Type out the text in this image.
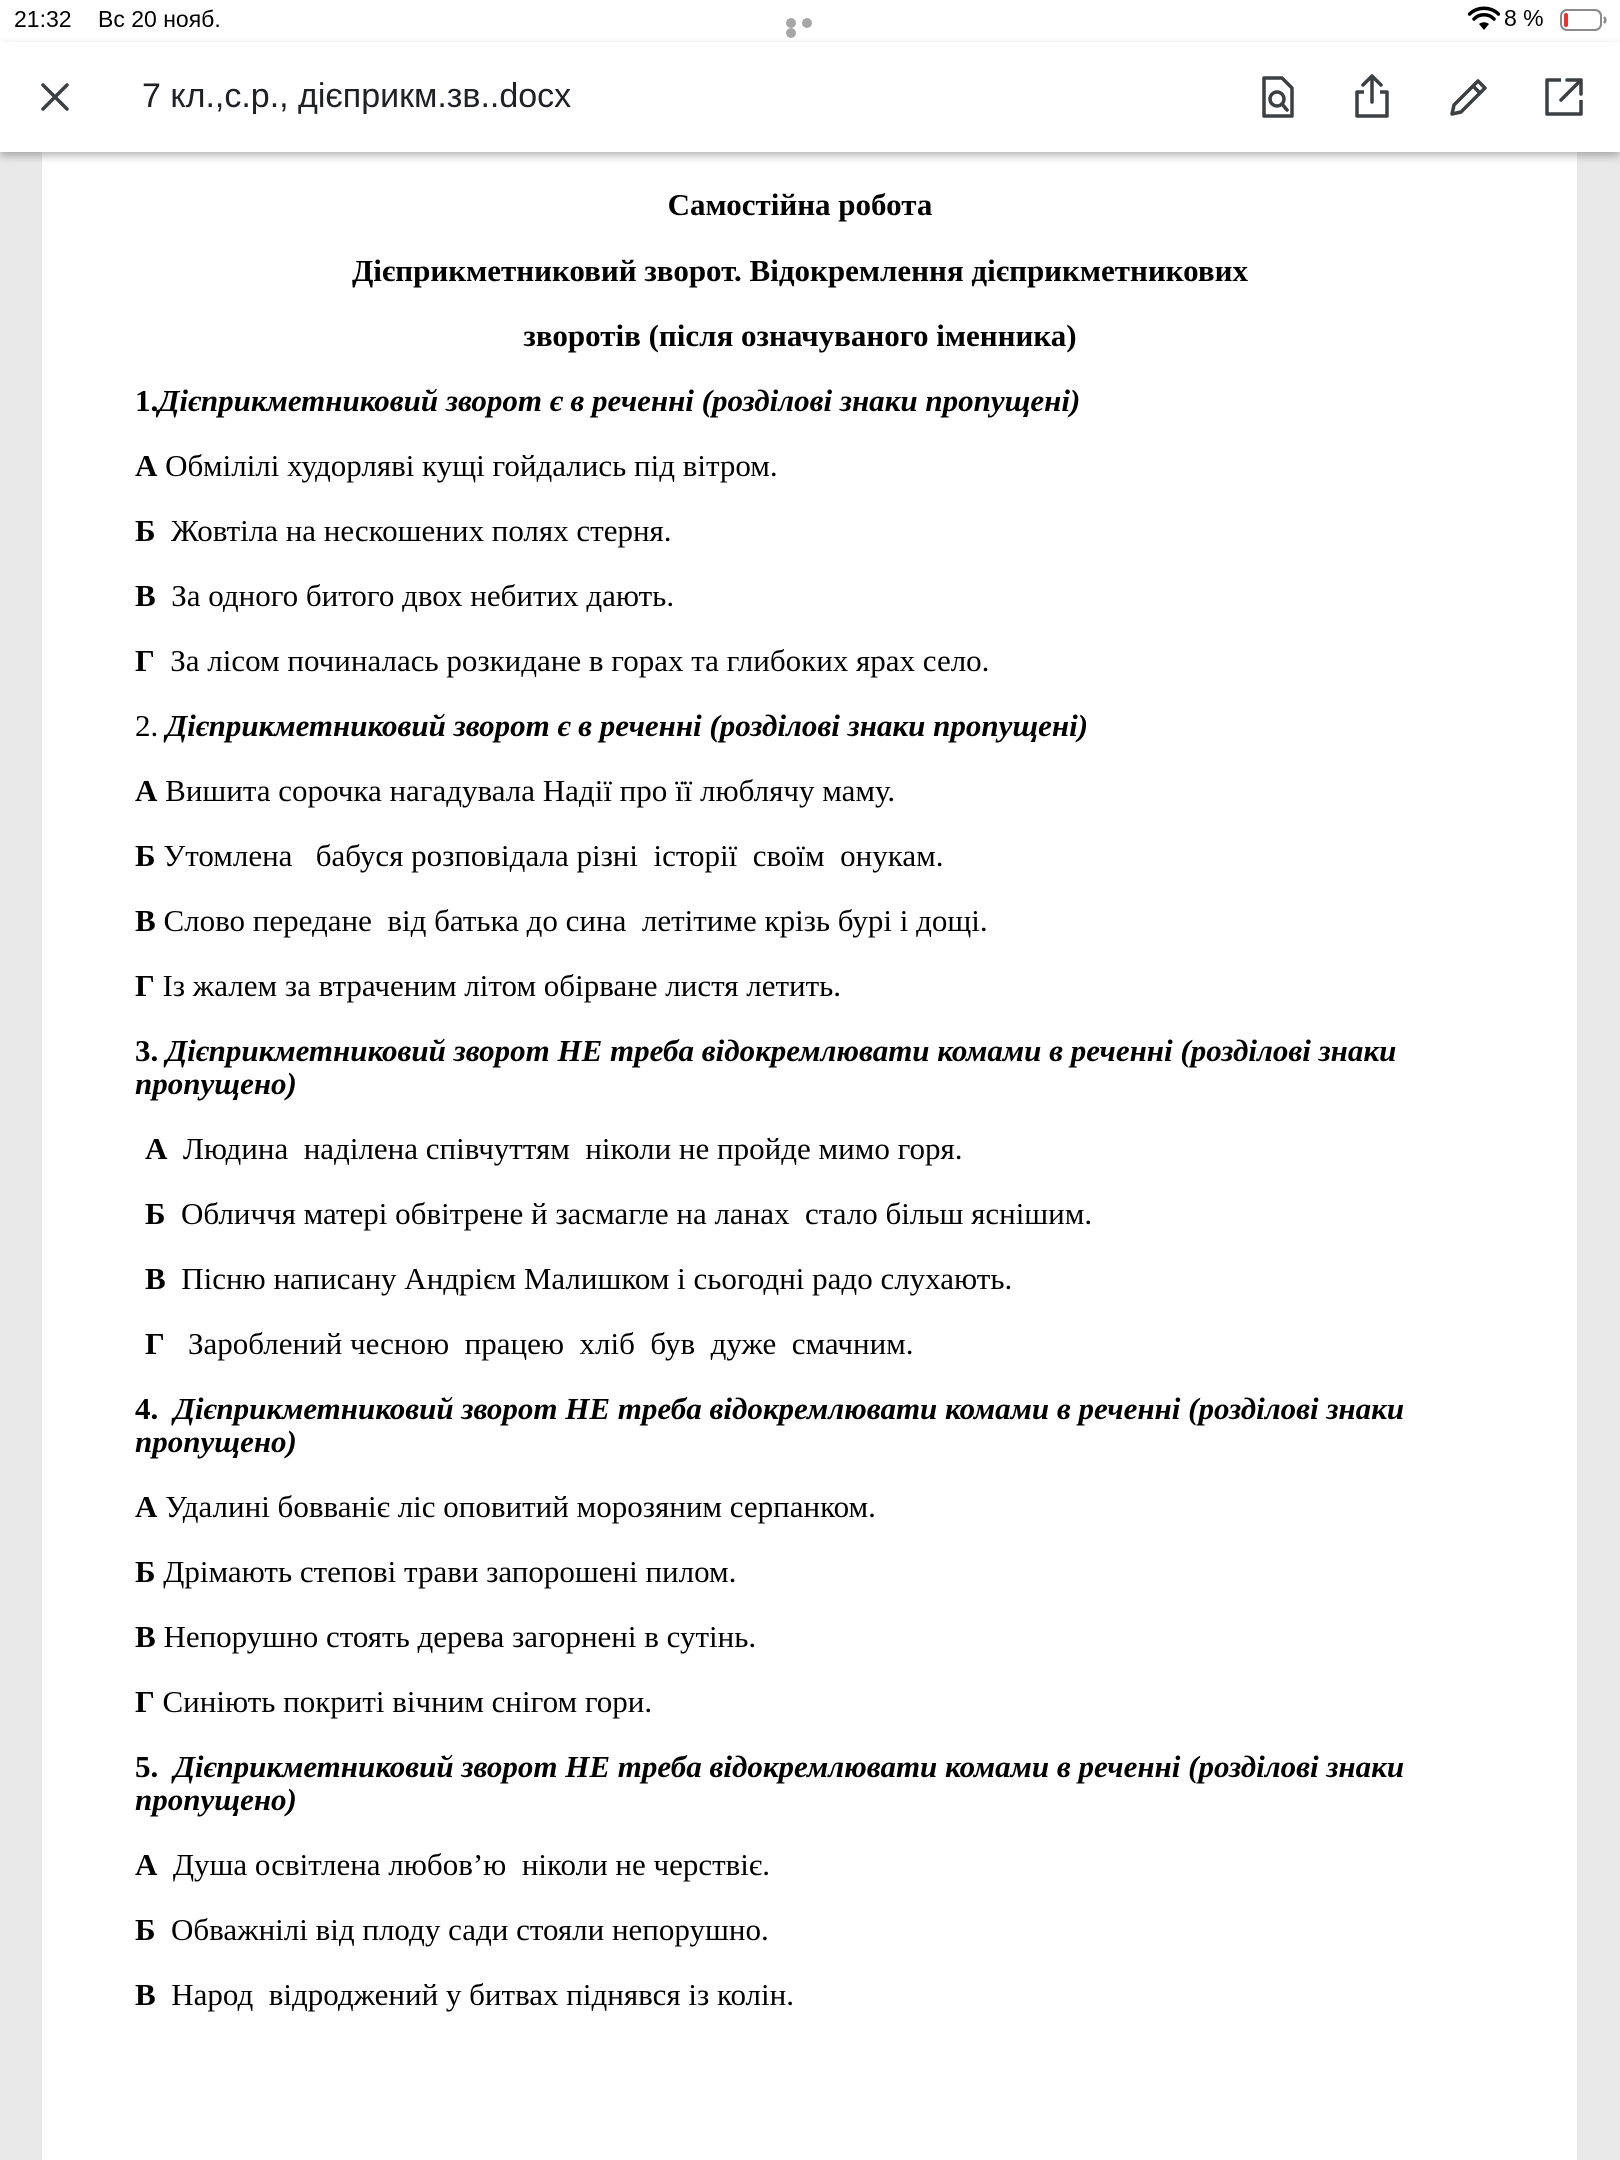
21:32 Вс 20 нояб.	8 %
7 кл.,с.р., дієприкм.зв..docx
Самостійна робота
Дієприкметниковий зворот. Відокремлення дієприкметникових
зворотів (після означуваного іменника)
1.Дієприкметниковий зворот є в реченні (розділові знаки пропущені)
А Обмілілі худорляві кущі гойдались під вітром.
Б Жовтіла на нескошених полях стерня.
В За одного битого двох небитих дають.
Г За лісом починалась розкидане в горах та глибоких ярах село.
2. Дієприкметниковий зворот є в реченні (розділові знаки пропущені)
А Вишита сорочка нагадувала Надії про її люблячу маму.
Б Утомлена   бабуся розповідала різні  історії  своїм  онукам.
В Слово передане  від батька до сина  летітиме крізь бурі і дощі.
Г Із жалем за втраченим літом обірване листя летить.
3. Дієприкметниковий зворот НЕ треба відокремлювати комами в реченні (розділові знаки пропущено)
А Людина  наділена співчуттям  ніколи не пройде мимо горя.
Б Обличчя матері обвітрене й засмагле на ланах  стало більш яснішим.
В Пісню написану Андрієм Малишком і сьогодні радо слухають.
Г Зароблений чесною  працею  хліб  був  дуже  смачним.
4. Дієприкметниковий зворот НЕ треба відокремлювати комами в реченні (розділові знаки пропущено)
А Удалині бовваніє ліс оповитий морозяним серпанком.
Б Дрімають степові трави запорошені пилом.
В Непорушно стоять дерева загорнені в сутінь.
Г Синіють покриті вічним снігом гори.
5. Дієприкметниковий зворот НЕ треба відокремлювати комами в реченні (розділові знаки пропущено)
А Душа освітлена любов’ю  ніколи не черствіє.
Б Обважнілі від плоду сади стояли непорушно.
В Народ  відроджений у битвах піднявся із колін.
